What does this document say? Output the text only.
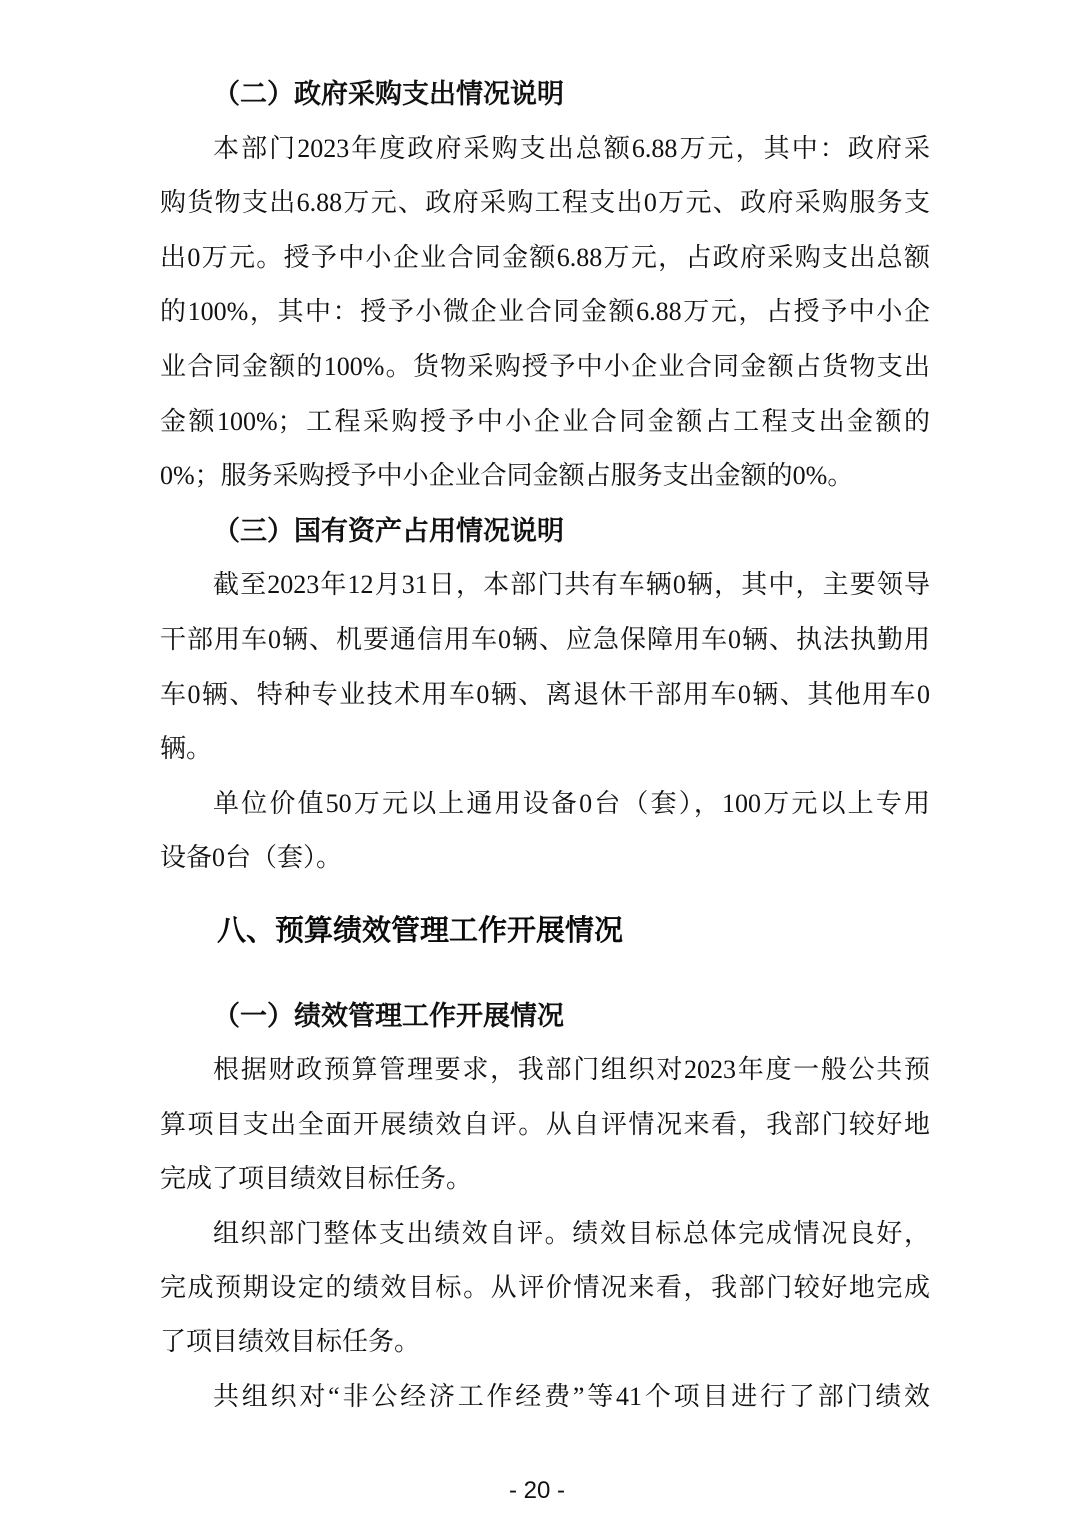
（二）政府采购支出情况说明
本部门2023年度政府采购支出总额6.88万元，其中：政府采
购货物支出6.88万元、政府采购工程支出0万元、政府采购服务支
出0万元。授予中小企业合同金额6.88万元，占政府采购支出总额
的100%，其中：授予小微企业合同金额6.88万元，占授予中小企
业合同金额的100%。货物采购授予中小企业合同金额占货物支出
金额100%；工程采购授予中小企业合同金额占工程支出金额的
0%；服务采购授予中小企业合同金额占服务支出金额的0%。
（三）国有资产占用情况说明
截至2023年12月31日，本部门共有车辆0辆，其中，主要领导
干部用车0辆、机要通信用车0辆、应急保障用车0辆、执法执勤用
车0辆、特种专业技术用车0辆、离退休干部用车0辆、其他用车0
辆。
单位价值50万元以上通用设备0台（套），100万元以上专用
设备0台（套）。
八、预算绩效管理工作开展情况
（一）绩效管理工作开展情况
根据财政预算管理要求，我部门组织对2023年度一般公共预
算项目支出全面开展绩效自评。从自评情况来看，我部门较好地
完成了项目绩效目标任务。
组织部门整体支出绩效自评。绩效目标总体完成情况良好，
完成预期设定的绩效目标。从评价情况来看，我部门较好地完成
了项目绩效目标任务。
共组织对“非公经济工作经费”等41个项目进行了部门绩效
- 20 -
